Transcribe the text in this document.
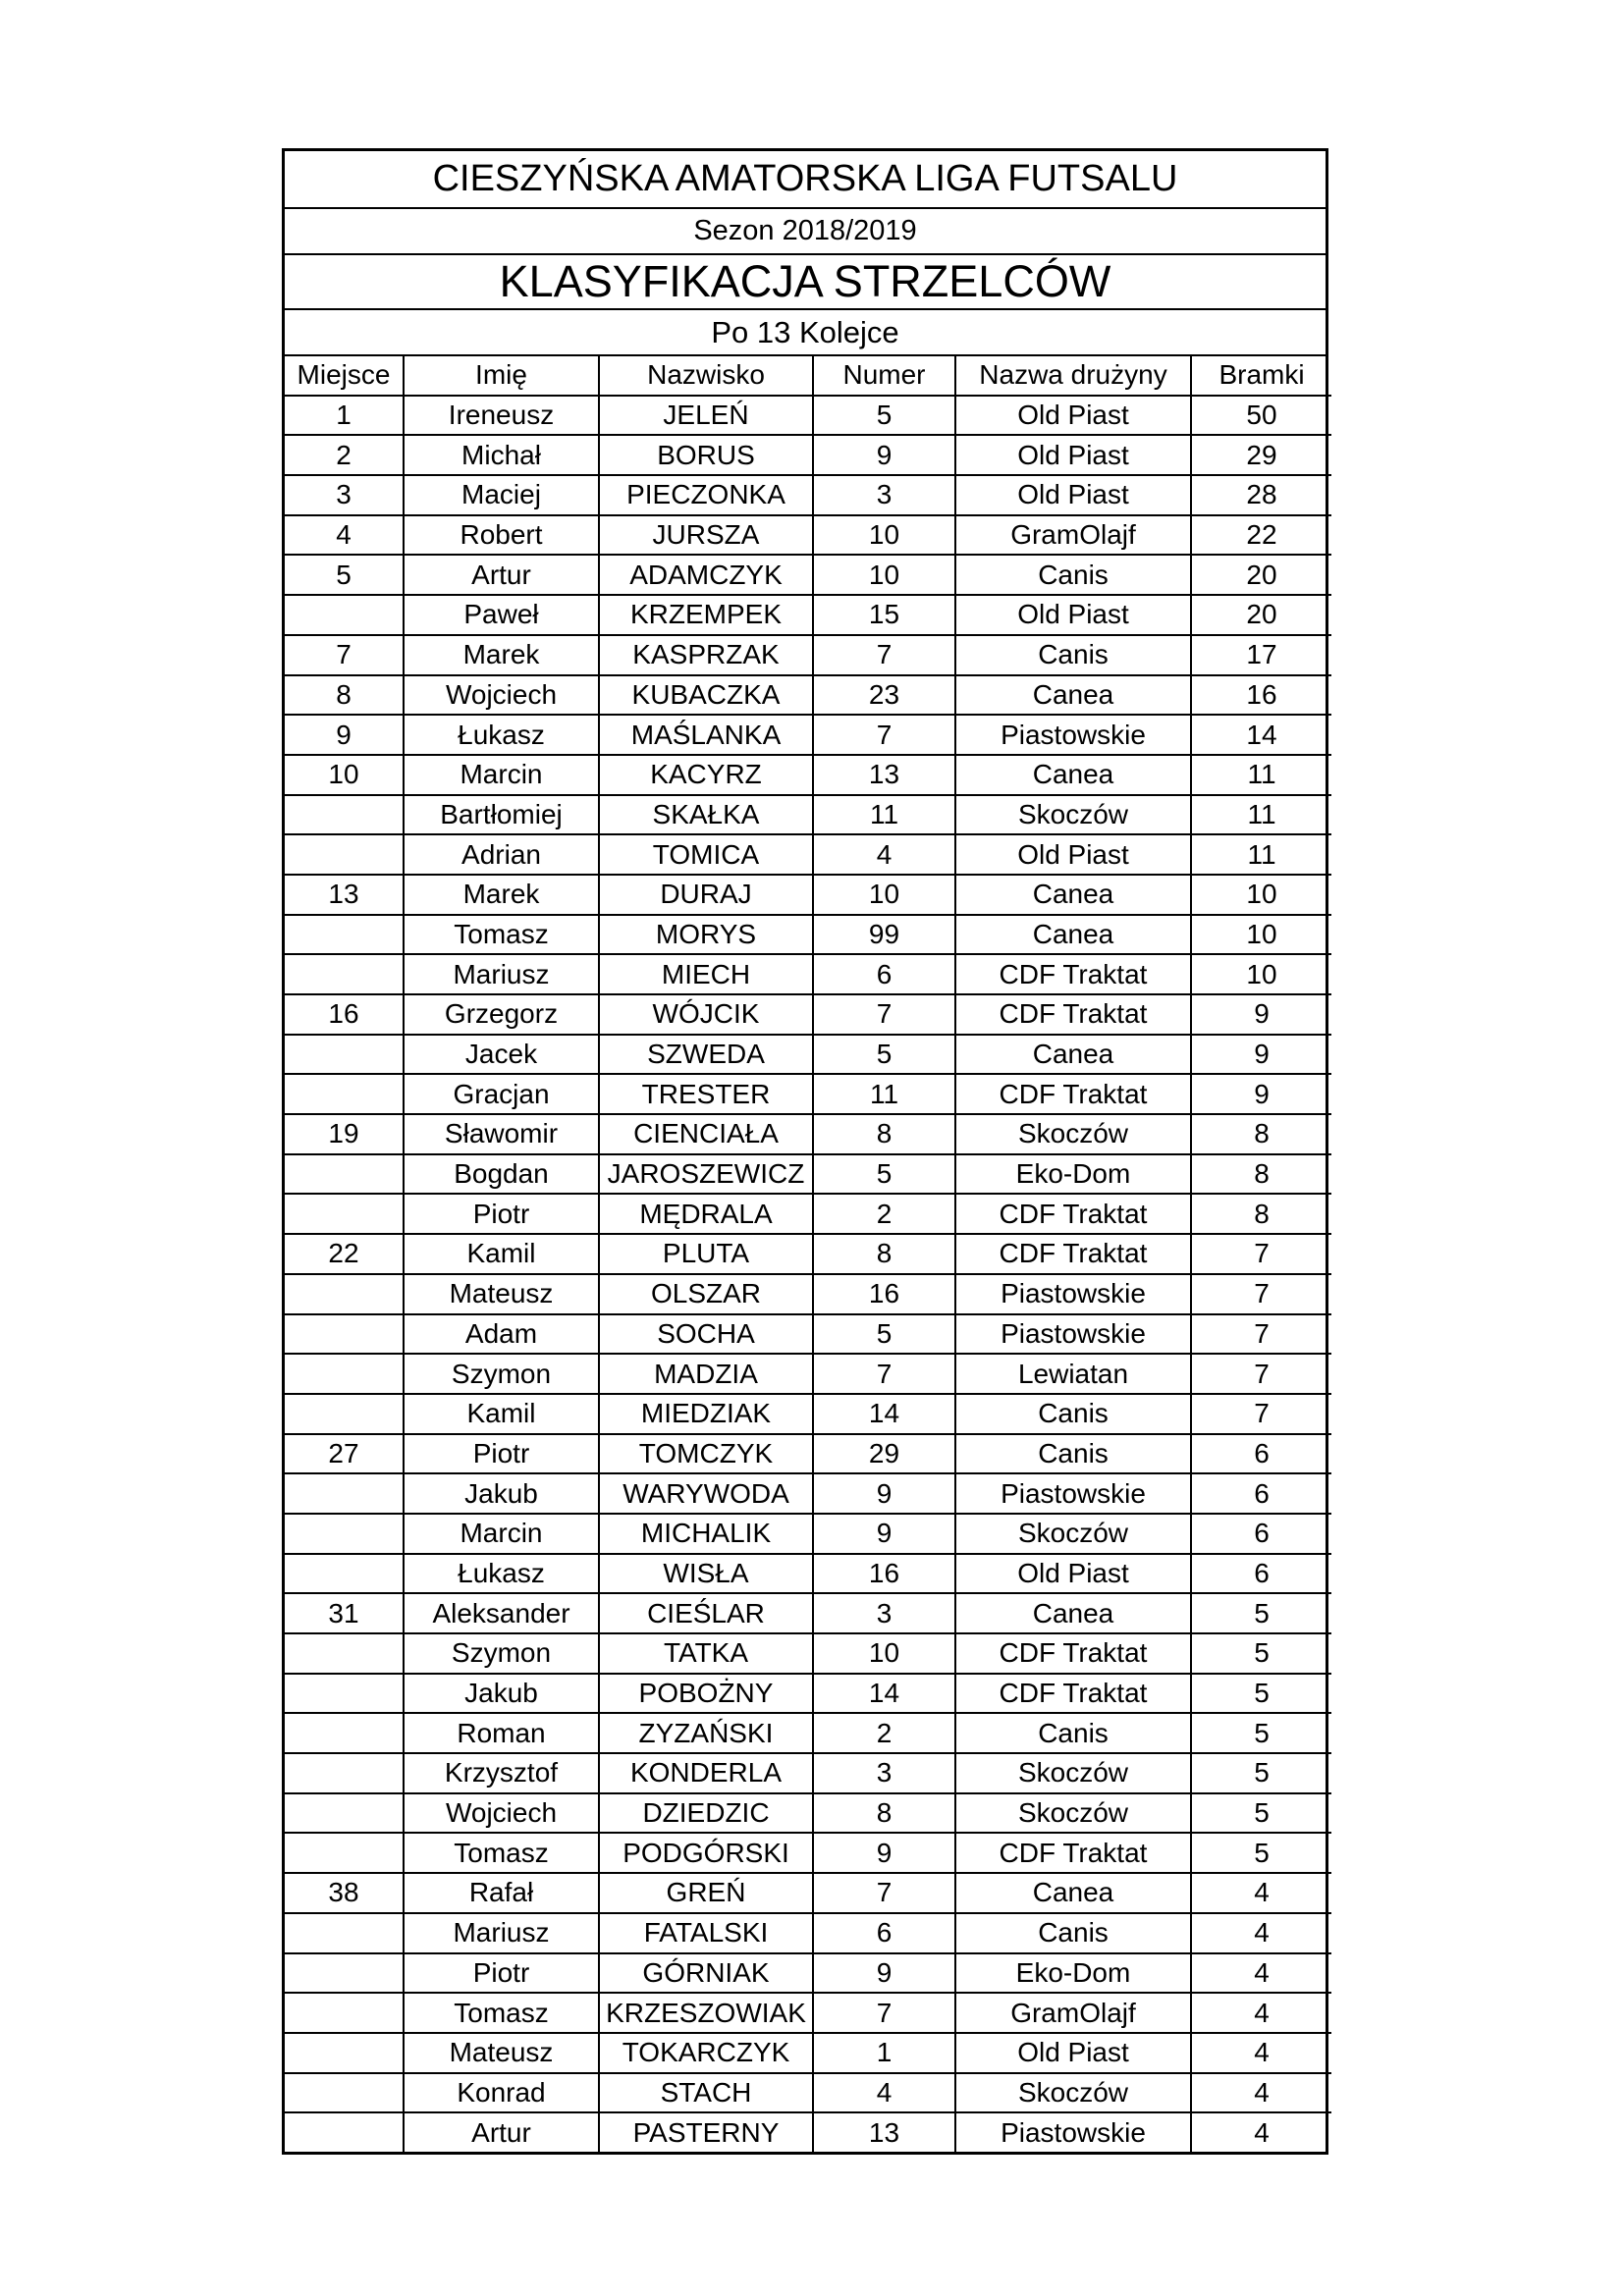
CIESZYŃSKA AMATORSKA LIGA FUTSALU
Sezon 2018/2019
KLASYFIKACJA STRZELCÓW
Po 13 Kolejce
Miejsce	Imię	Nazwisko	Numer	Nazwa drużyny	Bramki
1	Ireneusz	JELEŃ	5	Old Piast	50
2	Michał	BORUS	9	Old Piast	29
3	Maciej	PIECZONKA	3	Old Piast	28
4	Robert	JURSZA	10	GramOlajf	22
5	Artur	ADAMCZYK	10	Canis	20
	Paweł	KRZEMPEK	15	Old Piast	20
7	Marek	KASPRZAK	7	Canis	17
8	Wojciech	KUBACZKA	23	Canea	16
9	Łukasz	MAŚLANKA	7	Piastowskie	14
10	Marcin	KACYRZ	13	Canea	11
	Bartłomiej	SKAŁKA	11	Skoczów	11
	Adrian	TOMICA	4	Old Piast	11
13	Marek	DURAJ	10	Canea	10
	Tomasz	MORYS	99	Canea	10
	Mariusz	MIECH	6	CDF Traktat	10
16	Grzegorz	WÓJCIK	7	CDF Traktat	9
	Jacek	SZWEDA	5	Canea	9
	Gracjan	TRESTER	11	CDF Traktat	9
19	Sławomir	CIENCIAŁA	8	Skoczów	8
	Bogdan	JAROSZEWICZ	5	Eko-Dom	8
	Piotr	MĘDRALA	2	CDF Traktat	8
22	Kamil	PLUTA	8	CDF Traktat	7
	Mateusz	OLSZAR	16	Piastowskie	7
	Adam	SOCHA	5	Piastowskie	7
	Szymon	MADZIA	7	Lewiatan	7
	Kamil	MIEDZIAK	14	Canis	7
27	Piotr	TOMCZYK	29	Canis	6
	Jakub	WARYWODA	9	Piastowskie	6
	Marcin	MICHALIK	9	Skoczów	6
	Łukasz	WISŁA	16	Old Piast	6
31	Aleksander	CIEŚLAR	3	Canea	5
	Szymon	TATKA	10	CDF Traktat	5
	Jakub	POBOŻNY	14	CDF Traktat	5
	Roman	ZYZAŃSKI	2	Canis	5
	Krzysztof	KONDERLA	3	Skoczów	5
	Wojciech	DZIEDZIC	8	Skoczów	5
	Tomasz	PODGÓRSKI	9	CDF Traktat	5
38	Rafał	GREŃ	7	Canea	4
	Mariusz	FATALSKI	6	Canis	4
	Piotr	GÓRNIAK	9	Eko-Dom	4
	Tomasz	KRZESZOWIAK	7	GramOlajf	4
	Mateusz	TOKARCZYK	1	Old Piast	4
	Konrad	STACH	4	Skoczów	4
	Artur	PASTERNY	13	Piastowskie	4
